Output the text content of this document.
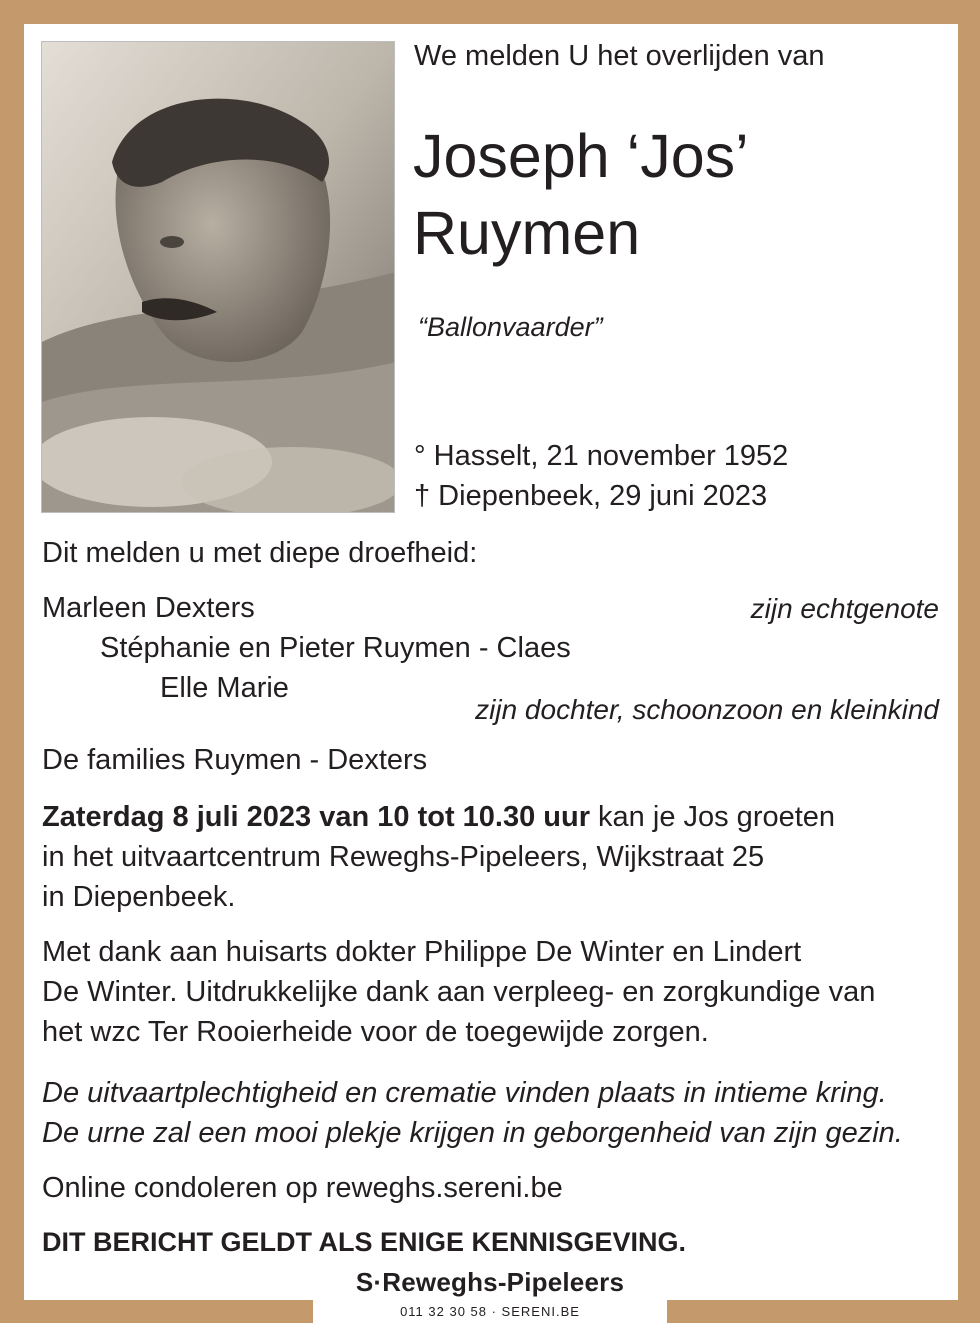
We melden U het overlijden van
Joseph ‘Jos’ Ruymen
“Ballonvaarder”
° Hasselt, 21 november 1952
† Diepenbeek, 29 juni 2023
Dit melden u met diepe droefheid:
Marleen Dexters	zijn echtgenote
Stéphanie en Pieter Ruymen - Claes
Elle Marie
zijn dochter, schoonzoon en kleinkind
De families Ruymen - Dexters
Zaterdag 8 juli 2023 van 10 tot 10.30 uur kan je Jos groeten
in het uitvaartcentrum Reweghs-Pipeleers, Wijkstraat 25
in Diepenbeek.
Met dank aan huisarts dokter Philippe De Winter en Lindert
De Winter. Uitdrukkelijke dank aan verpleeg- en zorgkundige van
het wzc Ter Rooierheide voor de toegewijde zorgen.
De uitvaartplechtigheid en crematie vinden plaats in intieme kring.
De urne zal een mooi plekje krijgen in geborgenheid van zijn gezin.
Online condoleren op reweghs.sereni.be
DIT BERICHT GELDT ALS ENIGE KENNISGEVING.
S·Reweghs-Pipeleers
011 32 30 58 · SERENI.BE
